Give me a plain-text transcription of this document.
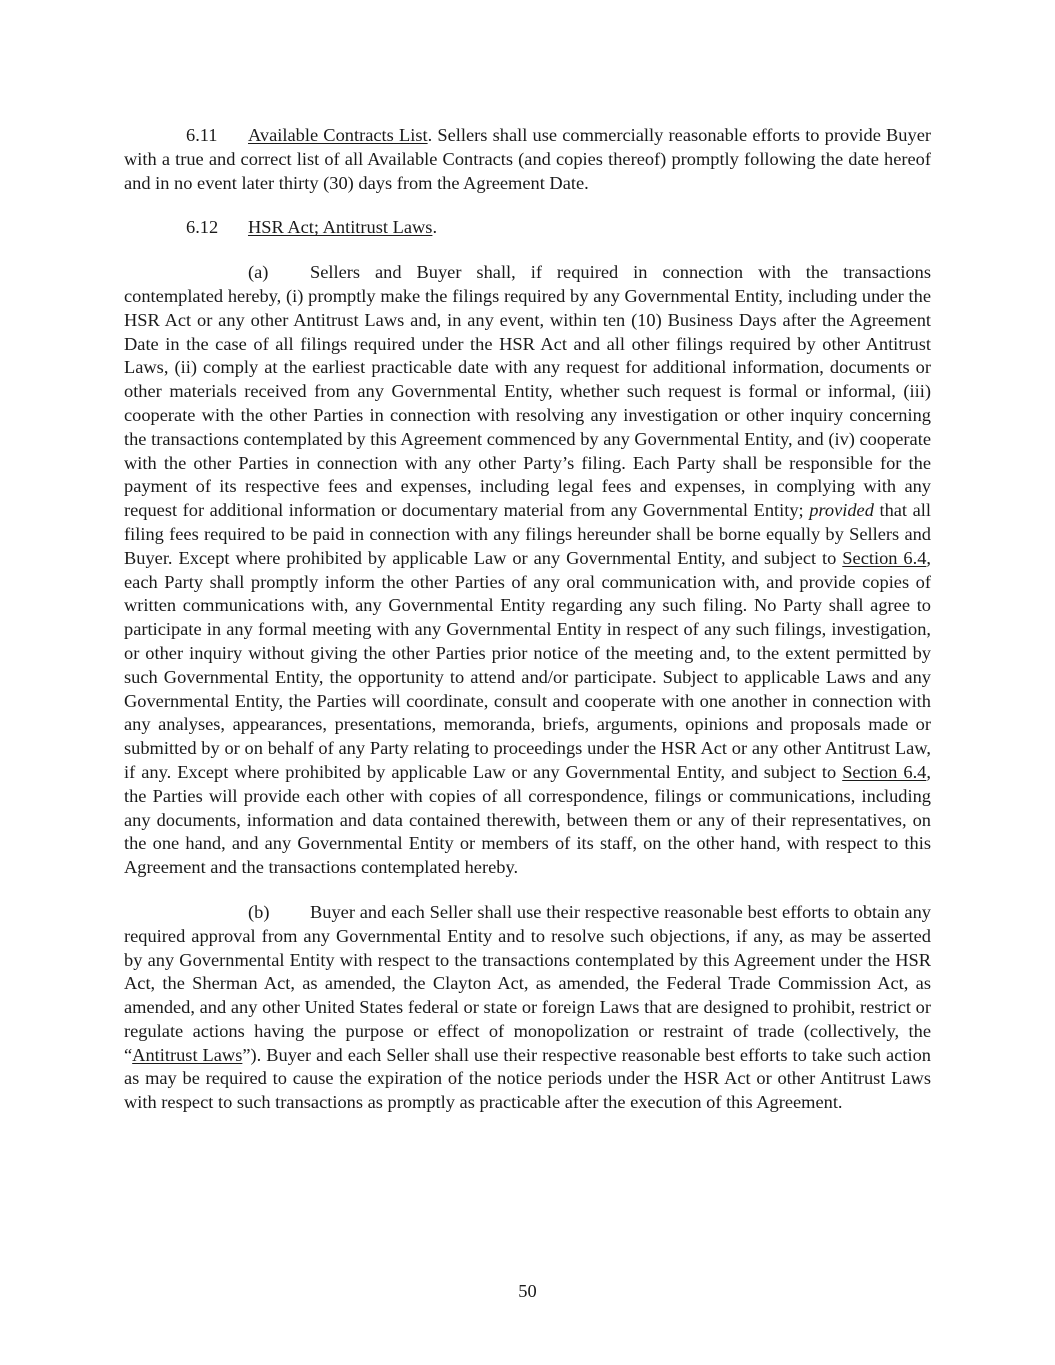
6.11 Available Contracts List. Sellers shall use commercially reasonable efforts to provide Buyer with a true and correct list of all Available Contracts (and copies thereof) promptly following the date hereof and in no event later thirty (30) days from the Agreement Date.

6.12 HSR Act; Antitrust Laws.

(a) Sellers and Buyer shall, if required in connection with the transactions contemplated hereby, (i) promptly make the filings required by any Governmental Entity, including under the HSR Act or any other Antitrust Laws and, in any event, within ten (10) Business Days after the Agreement Date in the case of all filings required under the HSR Act and all other filings required by other Antitrust Laws, (ii) comply at the earliest practicable date with any request for additional information, documents or other materials received from any Governmental Entity, whether such request is formal or informal, (iii) cooperate with the other Parties in connection with resolving any investigation or other inquiry concerning the transactions contemplated by this Agreement commenced by any Governmental Entity, and (iv) cooperate with the other Parties in connection with any other Party’s filing. Each Party shall be responsible for the payment of its respective fees and expenses, including legal fees and expenses, in complying with any request for additional information or documentary material from any Governmental Entity; provided that all filing fees required to be paid in connection with any filings hereunder shall be borne equally by Sellers and Buyer. Except where prohibited by applicable Law or any Governmental Entity, and subject to Section 6.4, each Party shall promptly inform the other Parties of any oral communication with, and provide copies of written communications with, any Governmental Entity regarding any such filing. No Party shall agree to participate in any formal meeting with any Governmental Entity in respect of any such filings, investigation, or other inquiry without giving the other Parties prior notice of the meeting and, to the extent permitted by such Governmental Entity, the opportunity to attend and/or participate. Subject to applicable Laws and any Governmental Entity, the Parties will coordinate, consult and cooperate with one another in connection with any analyses, appearances, presentations, memoranda, briefs, arguments, opinions and proposals made or submitted by or on behalf of any Party relating to proceedings under the HSR Act or any other Antitrust Law, if any. Except where prohibited by applicable Law or any Governmental Entity, and subject to Section 6.4, the Parties will provide each other with copies of all correspondence, filings or communications, including any documents, information and data contained therewith, between them or any of their representatives, on the one hand, and any Governmental Entity or members of its staff, on the other hand, with respect to this Agreement and the transactions contemplated hereby.

(b) Buyer and each Seller shall use their respective reasonable best efforts to obtain any required approval from any Governmental Entity and to resolve such objections, if any, as may be asserted by any Governmental Entity with respect to the transactions contemplated by this Agreement under the HSR Act, the Sherman Act, as amended, the Clayton Act, as amended, the Federal Trade Commission Act, as amended, and any other United States federal or state or foreign Laws that are designed to prohibit, restrict or regulate actions having the purpose or effect of monopolization or restraint of trade (collectively, the “Antitrust Laws”). Buyer and each Seller shall use their respective reasonable best efforts to take such action as may be required to cause the expiration of the notice periods under the HSR Act or other Antitrust Laws with respect to such transactions as promptly as practicable after the execution of this Agreement.

50
